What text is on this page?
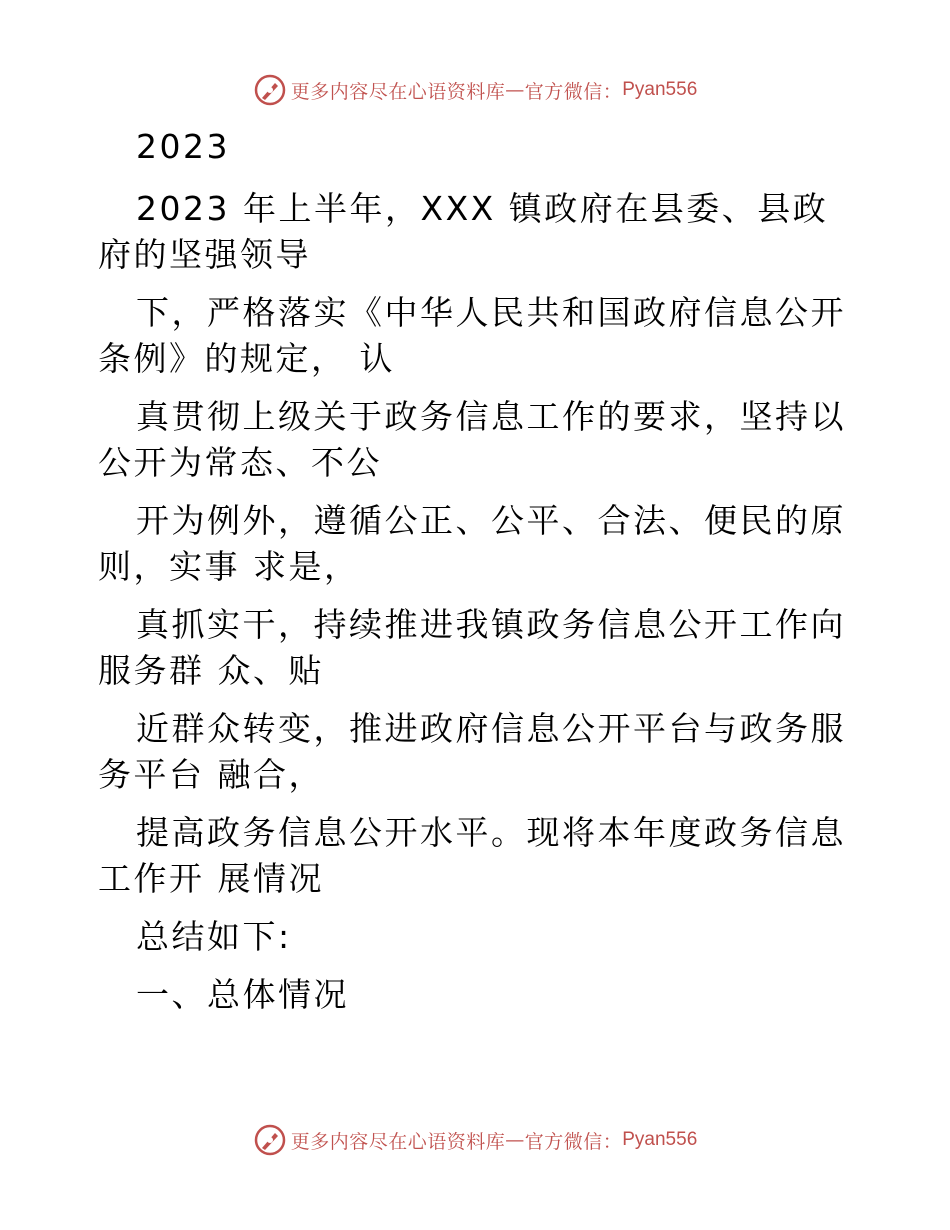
更多内容尽在心语资料库 — 官方微信： Pyan556

2023

2023 年上半年，XXX 镇政府在县委、县政府的坚强领导

下，严格落实《中华人民共和国政府信息公开条例》的规定， 认

真贯彻上级关于政务信息工作的要求，坚持以公开为常态、不公

开为例外，遵循公正、公平、合法、便民的原则，实事 求是，

真抓实干，持续推进我镇政务信息公开工作向服务群 众、贴

近群众转变，推进政府信息公开平台与政务服务平台 融合，

提高政务信息公开水平。现将本年度政务信息工作开 展情况

总结如下:

一、总体情况

更多内容尽在心语资料库 — 官方微信： Pyan556
